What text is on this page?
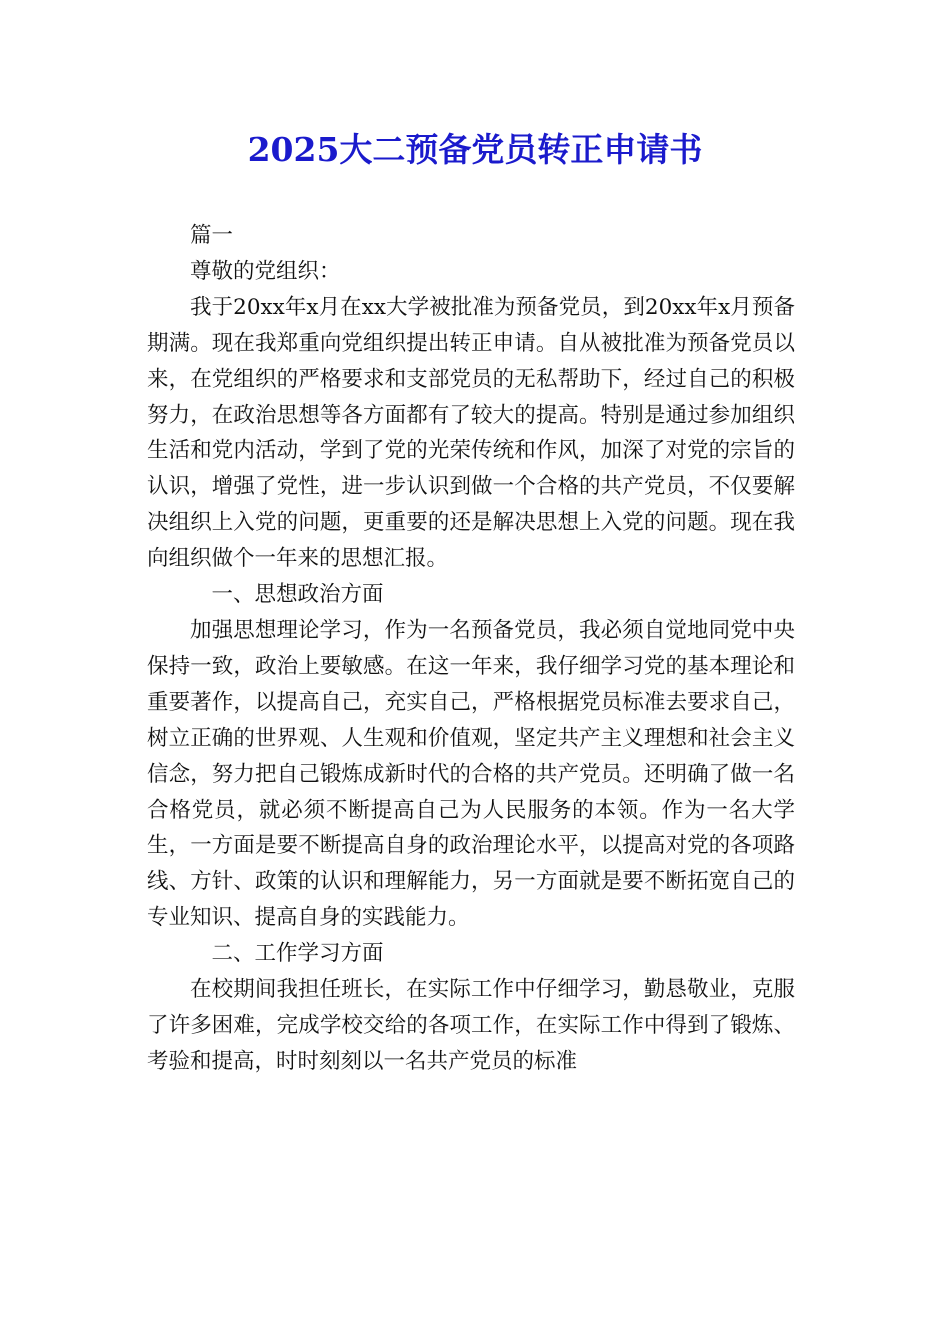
2025大二预备党员转正申请书

篇一

尊敬的党组织：

我于20xx年x月在xx大学被批准为预备党员，到20xx年x月预备期满。现在我郑重向党组织提出转正申请。自从被批准为预备党员以来，在党组织的严格要求和支部党员的无私帮助下，经过自己的积极努力，在政治思想等各方面都有了较大的提高。特别是通过参加组织生活和党内活动，学到了党的光荣传统和作风，加深了对党的宗旨的认识，增强了党性，进一步认识到做一个合格的共产党员，不仅要解决组织上入党的问题，更重要的还是解决思想上入党的问题。现在我向组织做个一年来的思想汇报。

一、思想政治方面

加强思想理论学习，作为一名预备党员，我必须自觉地同党中央保持一致，政治上要敏感。在这一年来，我仔细学习党的基本理论和重要著作，以提高自己，充实自己，严格根据党员标准去要求自己，树立正确的世界观、人生观和价值观，坚定共产主义理想和社会主义信念，努力把自己锻炼成新时代的合格的共产党员。还明确了做一名合格党员，就必须不断提高自己为人民服务的本领。作为一名大学生，一方面是要不断提高自身的政治理论水平，以提高对党的各项路线、方针、政策的认识和理解能力，另一方面就是要不断拓宽自己的专业知识、提高自身的实践能力。

二、工作学习方面

在校期间我担任班长，在实际工作中仔细学习，勤恳敬业，克服了许多困难，完成学校交给的各项工作，在实际工作中得到了锻炼、考验和提高，时时刻刻以一名共产党员的标准
